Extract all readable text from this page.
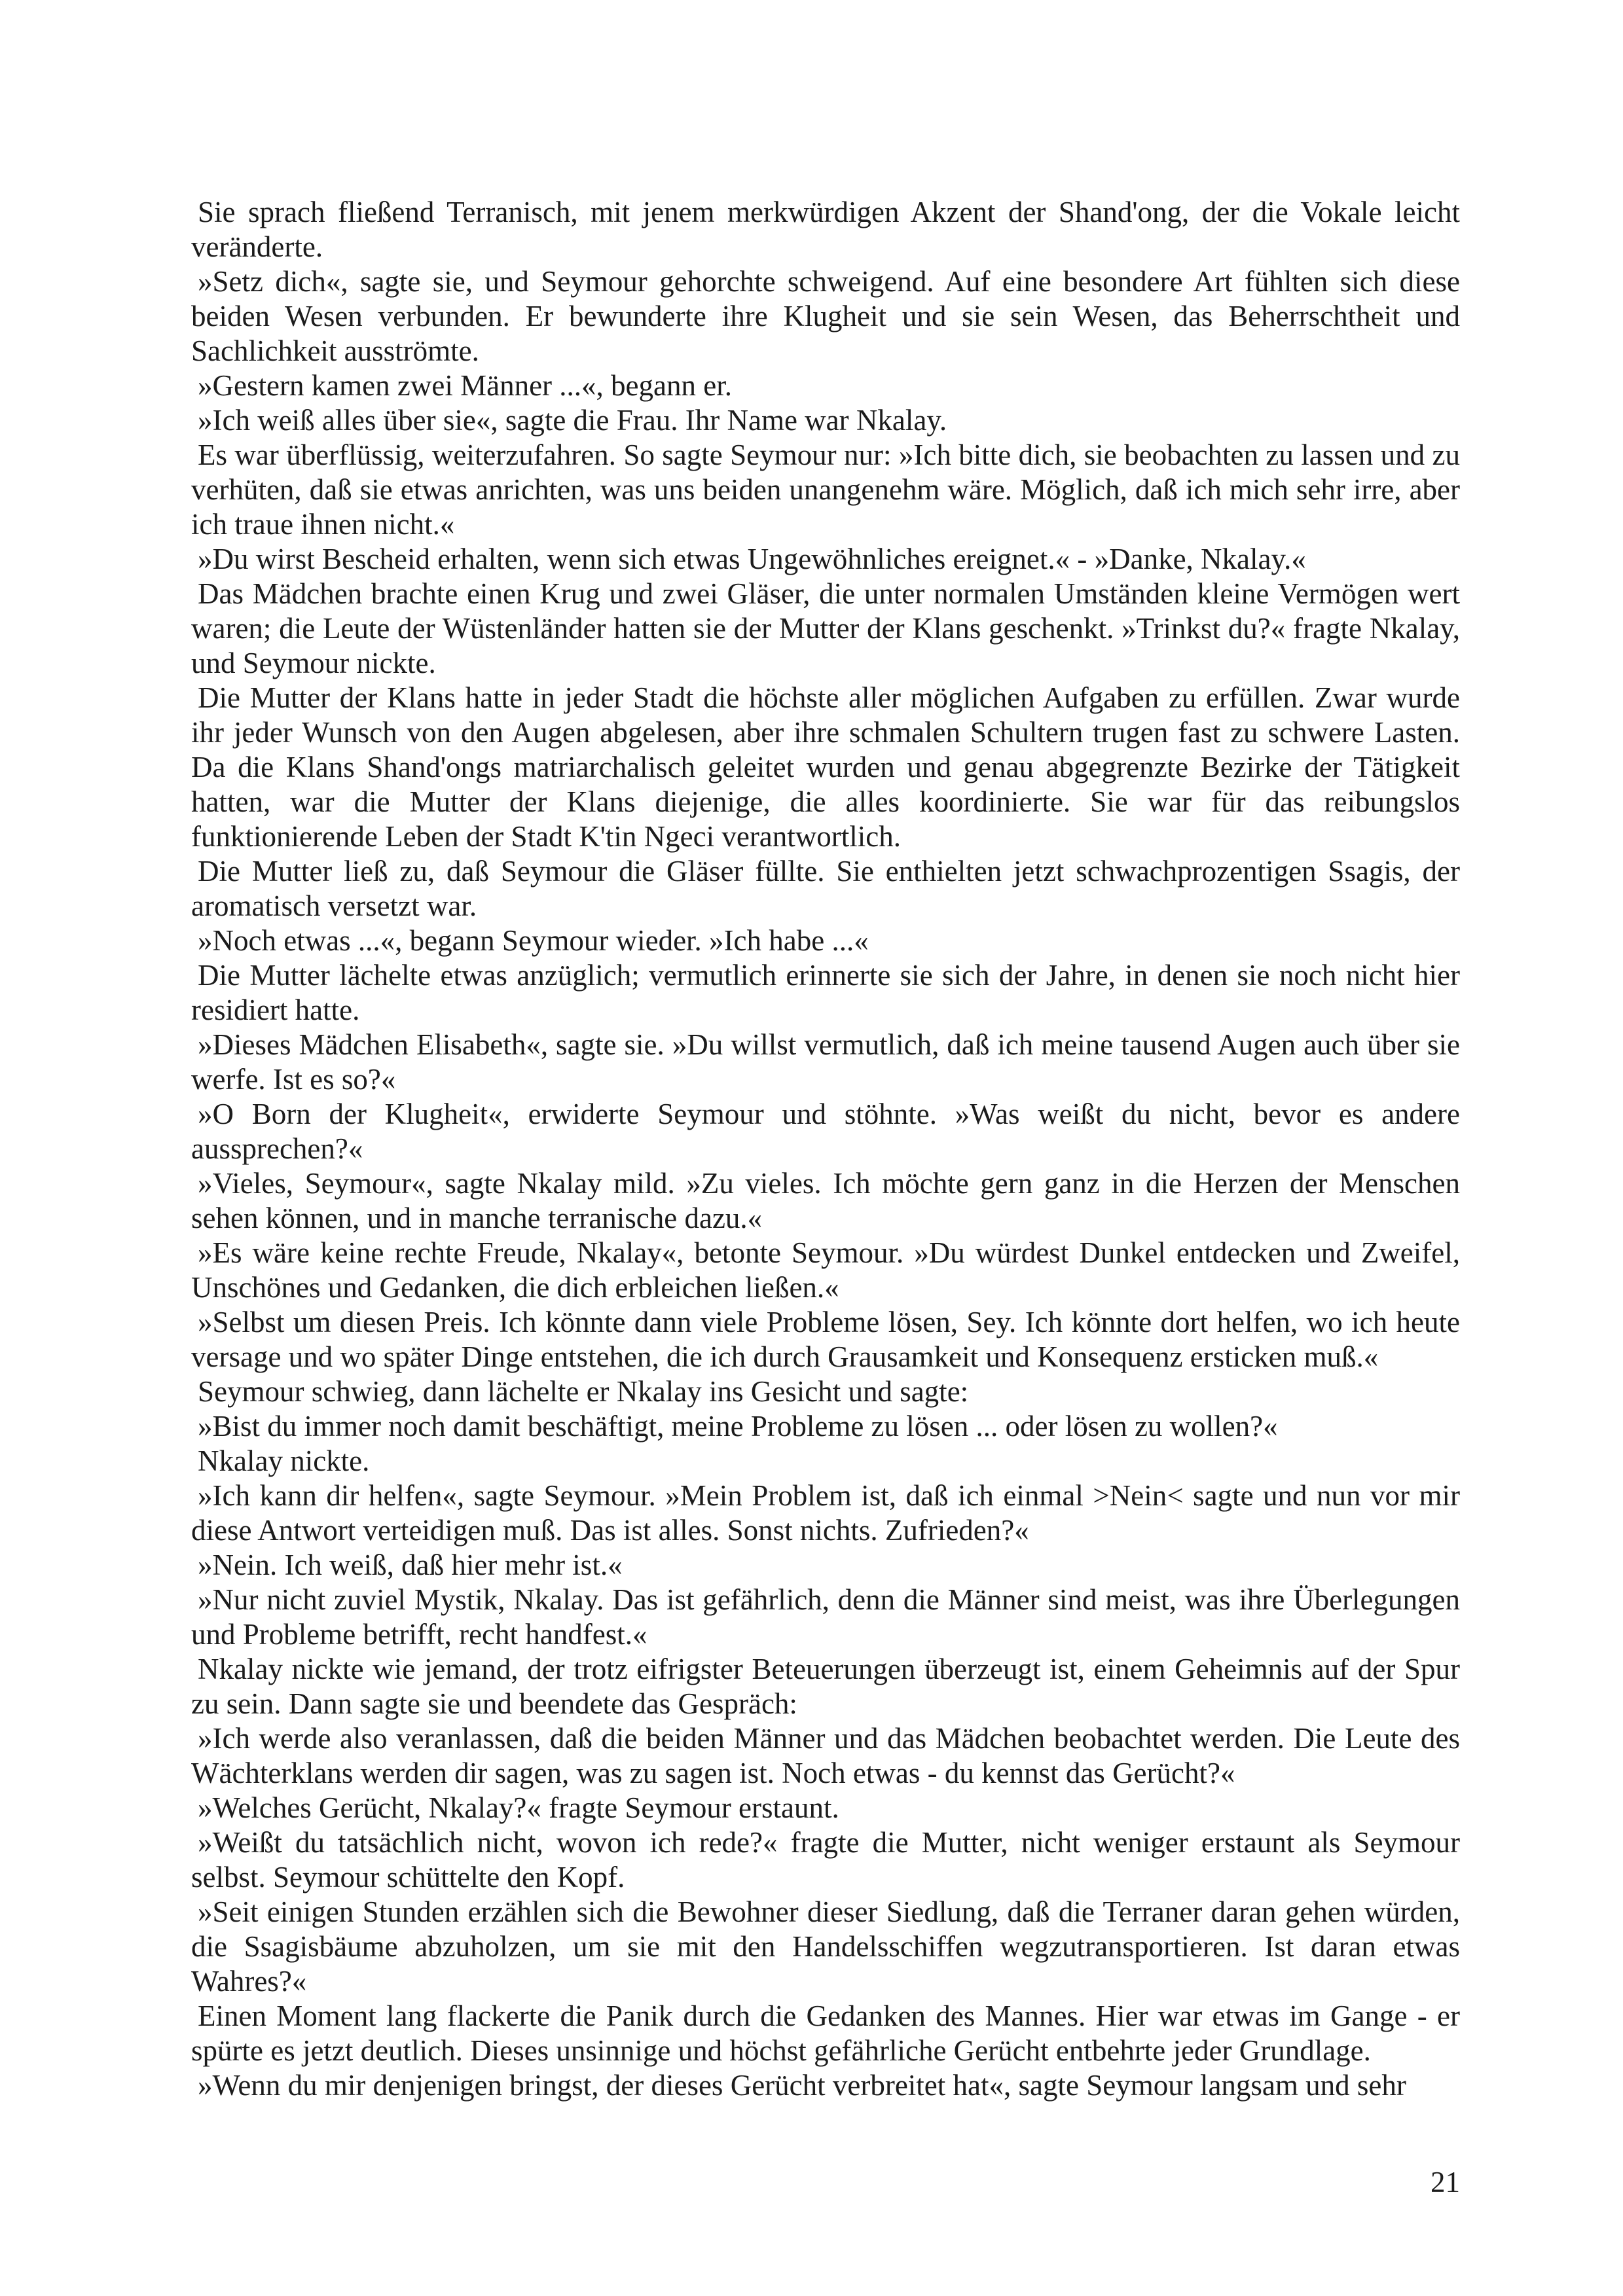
Sie sprach fließend Terranisch, mit jenem merkwürdigen Akzent der Shand'ong, der die Vokale leicht veränderte.

»Setz dich«, sagte sie, und Seymour gehorchte schweigend. Auf eine besondere Art fühlten sich diese beiden Wesen verbunden. Er bewunderte ihre Klugheit und sie sein Wesen, das Beherrschtheit und Sachlichkeit ausströmte.

»Gestern kamen zwei Männer ...«, begann er.

»Ich weiß alles über sie«, sagte die Frau. Ihr Name war Nkalay.

Es war überflüssig, weiterzufahren. So sagte Seymour nur: »Ich bitte dich, sie beobachten zu lassen und zu verhüten, daß sie etwas anrichten, was uns beiden unangenehm wäre. Möglich, daß ich mich sehr irre, aber ich traue ihnen nicht.«

»Du wirst Bescheid erhalten, wenn sich etwas Ungewöhnliches ereignet.« - »Danke, Nkalay.«

Das Mädchen brachte einen Krug und zwei Gläser, die unter normalen Umständen kleine Vermögen wert waren; die Leute der Wüstenländer hatten sie der Mutter der Klans geschenkt. »Trinkst du?« fragte Nkalay, und Seymour nickte.

Die Mutter der Klans hatte in jeder Stadt die höchste aller möglichen Aufgaben zu erfüllen. Zwar wurde ihr jeder Wunsch von den Augen abgelesen, aber ihre schmalen Schultern trugen fast zu schwere Lasten. Da die Klans Shand'ongs matriarchalisch geleitet wurden und genau abgegrenzte Bezirke der Tätigkeit hatten, war die Mutter der Klans diejenige, die alles koordinierte. Sie war für das reibungslos funktionierende Leben der Stadt K'tin Ngeci verantwortlich.

Die Mutter ließ zu, daß Seymour die Gläser füllte. Sie enthielten jetzt schwachprozentigen Ssagis, der aromatisch versetzt war.

»Noch etwas ...«, begann Seymour wieder. »Ich habe ...«

Die Mutter lächelte etwas anzüglich; vermutlich erinnerte sie sich der Jahre, in denen sie noch nicht hier residiert hatte.

»Dieses Mädchen Elisabeth«, sagte sie. »Du willst vermutlich, daß ich meine tausend Augen auch über sie werfe. Ist es so?«

»O Born der Klugheit«, erwiderte Seymour und stöhnte. »Was weißt du nicht, bevor es andere aussprechen?«

»Vieles, Seymour«, sagte Nkalay mild. »Zu vieles. Ich möchte gern ganz in die Herzen der Menschen sehen können, und in manche terranische dazu.«

»Es wäre keine rechte Freude, Nkalay«, betonte Seymour. »Du würdest Dunkel entdecken und Zweifel, Unschönes und Gedanken, die dich erbleichen ließen.«

»Selbst um diesen Preis. Ich könnte dann viele Probleme lösen, Sey. Ich könnte dort helfen, wo ich heute versage und wo später Dinge entstehen, die ich durch Grausamkeit und Konsequenz ersticken muß.«

Seymour schwieg, dann lächelte er Nkalay ins Gesicht und sagte:

»Bist du immer noch damit beschäftigt, meine Probleme zu lösen ... oder lösen zu wollen?«

Nkalay nickte.

»Ich kann dir helfen«, sagte Seymour. »Mein Problem ist, daß ich einmal >Nein< sagte und nun vor mir diese Antwort verteidigen muß. Das ist alles. Sonst nichts. Zufrieden?«

»Nein. Ich weiß, daß hier mehr ist.«

»Nur nicht zuviel Mystik, Nkalay. Das ist gefährlich, denn die Männer sind meist, was ihre Überlegungen und Probleme betrifft, recht handfest.«

Nkalay nickte wie jemand, der trotz eifrigster Beteuerungen überzeugt ist, einem Geheimnis auf der Spur zu sein. Dann sagte sie und beendete das Gespräch:

»Ich werde also veranlassen, daß die beiden Männer und das Mädchen beobachtet werden. Die Leute des Wächterklans werden dir sagen, was zu sagen ist. Noch etwas - du kennst das Gerücht?«

»Welches Gerücht, Nkalay?« fragte Seymour erstaunt.

»Weißt du tatsächlich nicht, wovon ich rede?« fragte die Mutter, nicht weniger erstaunt als Seymour selbst. Seymour schüttelte den Kopf.

»Seit einigen Stunden erzählen sich die Bewohner dieser Siedlung, daß die Terraner daran gehen würden, die Ssagisbäume abzuholzen, um sie mit den Handelsschiffen wegzutransportieren. Ist daran etwas Wahres?«

Einen Moment lang flackerte die Panik durch die Gedanken des Mannes. Hier war etwas im Gange - er spürte es jetzt deutlich. Dieses unsinnige und höchst gefährliche Gerücht entbehrte jeder Grundlage.

»Wenn du mir denjenigen bringst, der dieses Gerücht verbreitet hat«, sagte Seymour langsam und sehr

21
